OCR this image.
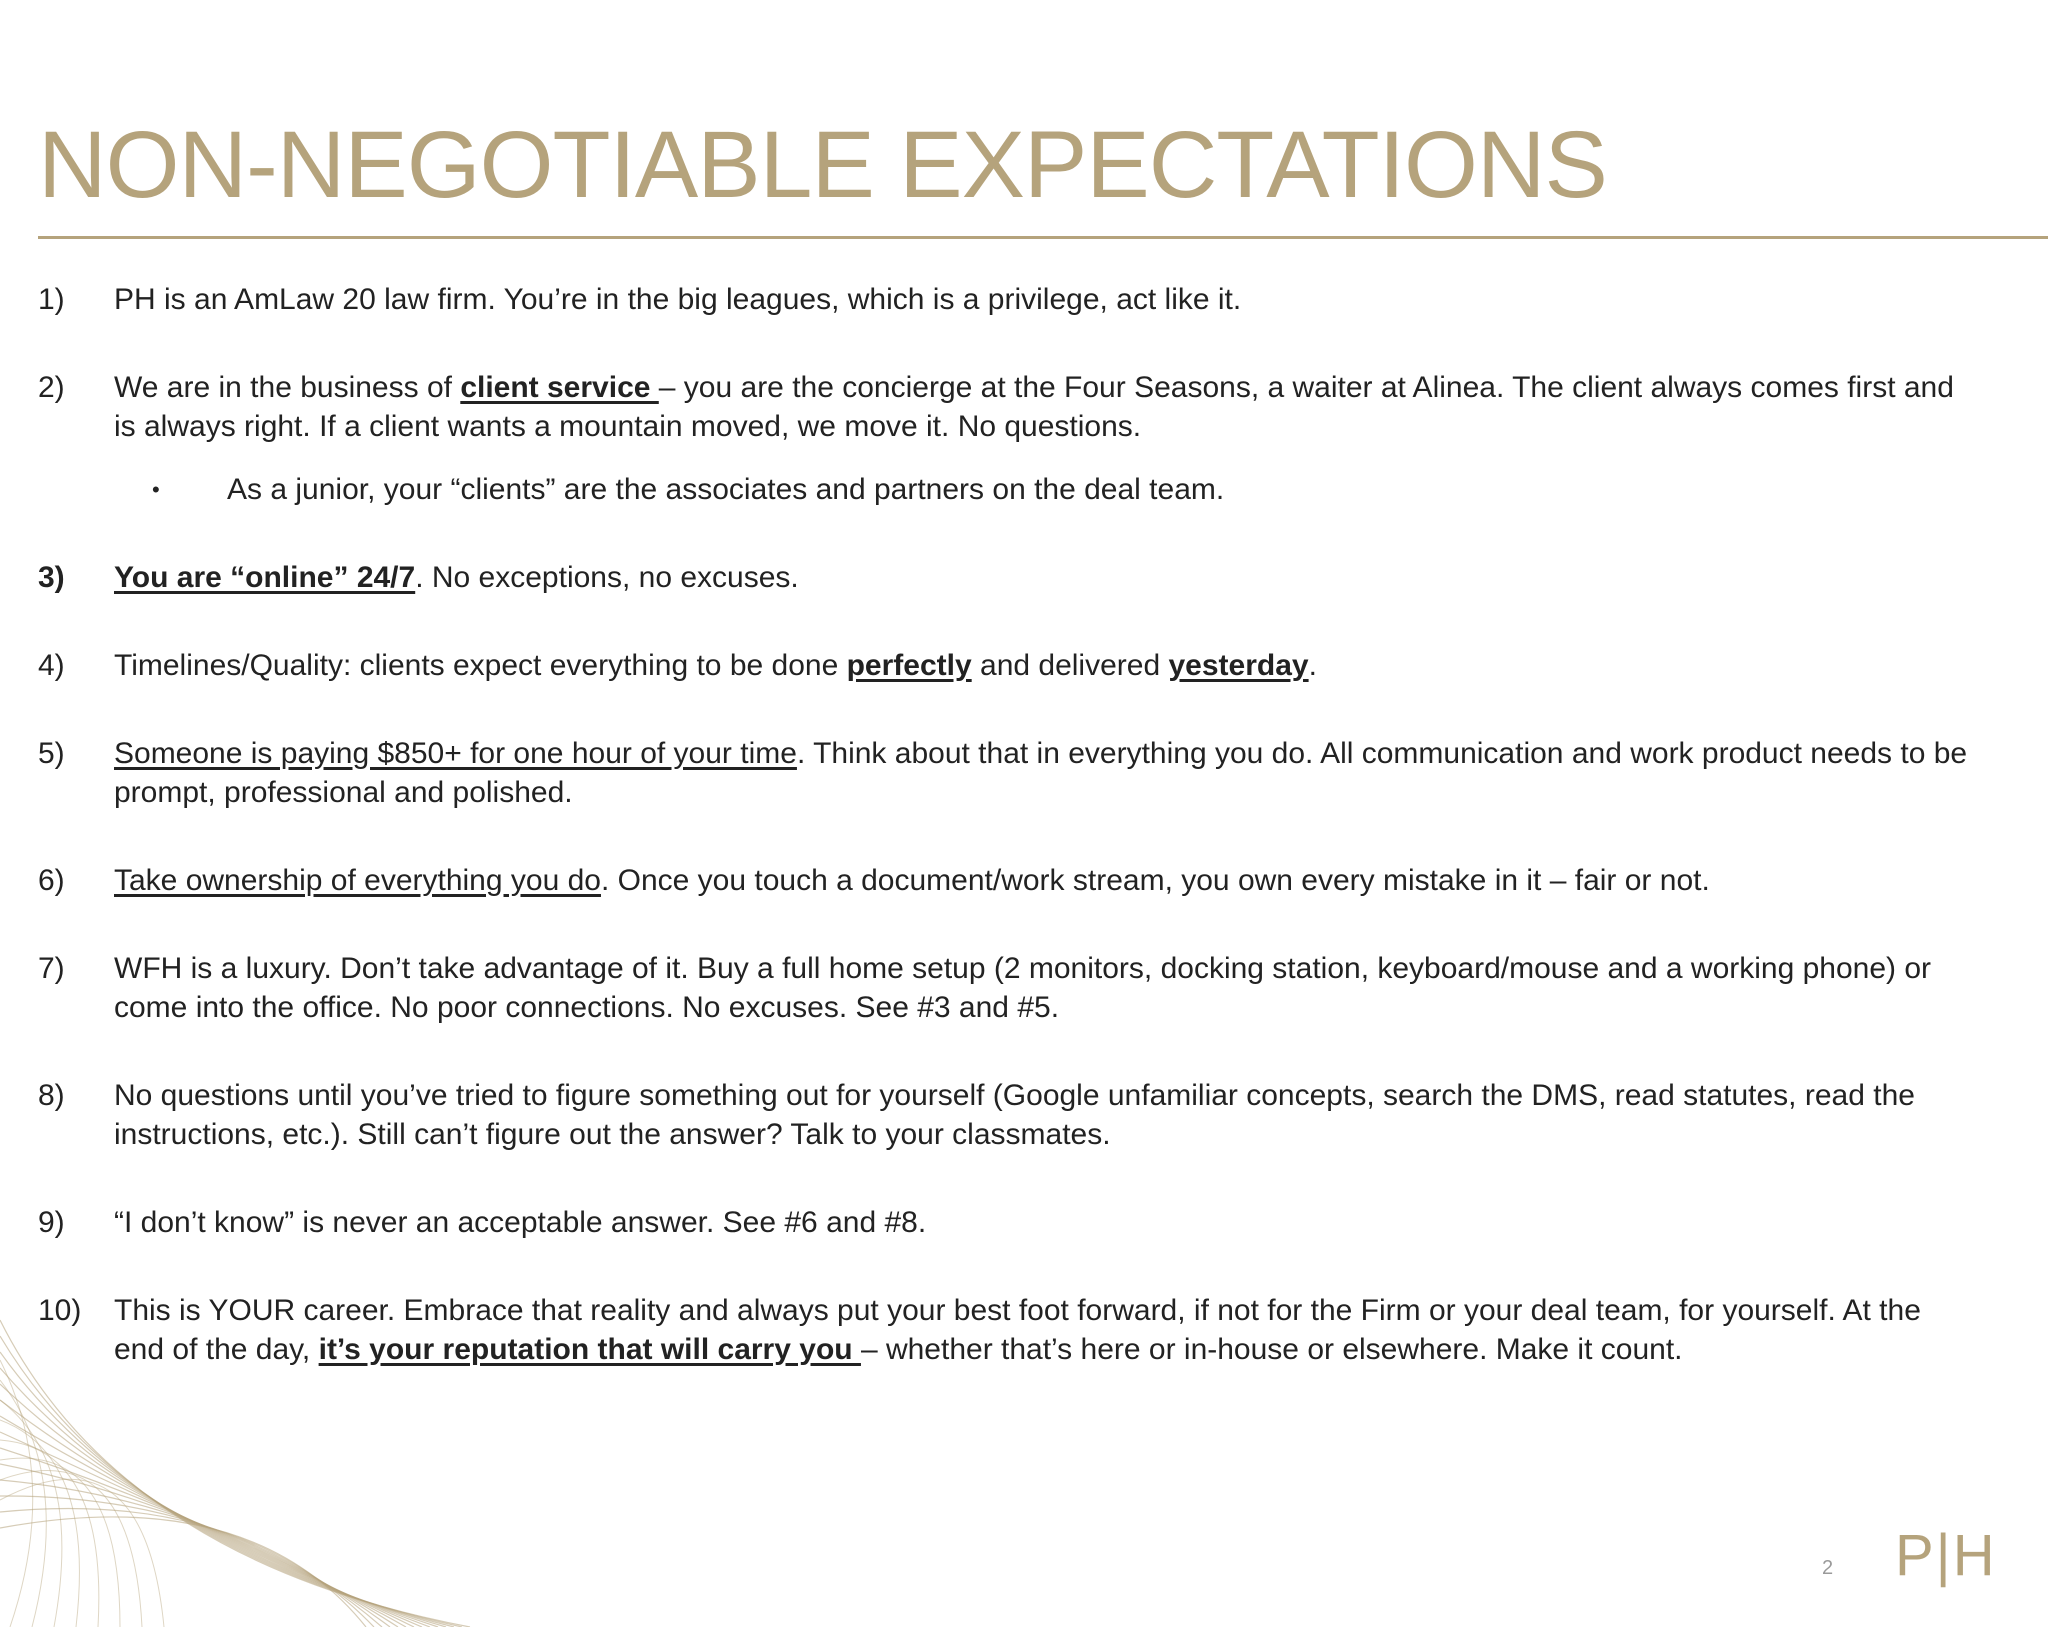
NON-NEGOTIABLE EXPECTATIONS
1)	PH is an AmLaw 20 law firm. You’re in the big leagues, which is a privilege, act like it.
2)	We are in the business of client service – you are the concierge at the Four Seasons, a waiter at Alinea. The client always comes first and is always right. If a client wants a mountain moved, we move it. No questions.
• As a junior, your “clients” are the associates and partners on the deal team.
3)	You are “online” 24/7. No exceptions, no excuses.
4)	Timelines/Quality: clients expect everything to be done perfectly and delivered yesterday.
5)	Someone is paying $850+ for one hour of your time. Think about that in everything you do. All communication and work product needs to be prompt, professional and polished.
6)	Take ownership of everything you do. Once you touch a document/work stream, you own every mistake in it – fair or not.
7)	WFH is a luxury. Don’t take advantage of it. Buy a full home setup (2 monitors, docking station, keyboard/mouse and a working phone) or come into the office. No poor connections. No excuses. See #3 and #5.
8)	No questions until you’ve tried to figure something out for yourself (Google unfamiliar concepts, search the DMS, read statutes, read the instructions, etc.). Still can’t figure out the answer? Talk to your classmates.
9)	“I don’t know” is never an acceptable answer. See #6 and #8.
10)	This is YOUR career. Embrace that reality and always put your best foot forward, if not for the Firm or your deal team, for yourself. At the end of the day, it’s your reputation that will carry you – whether that’s here or in-house or elsewhere. Make it count.
2 P|H
